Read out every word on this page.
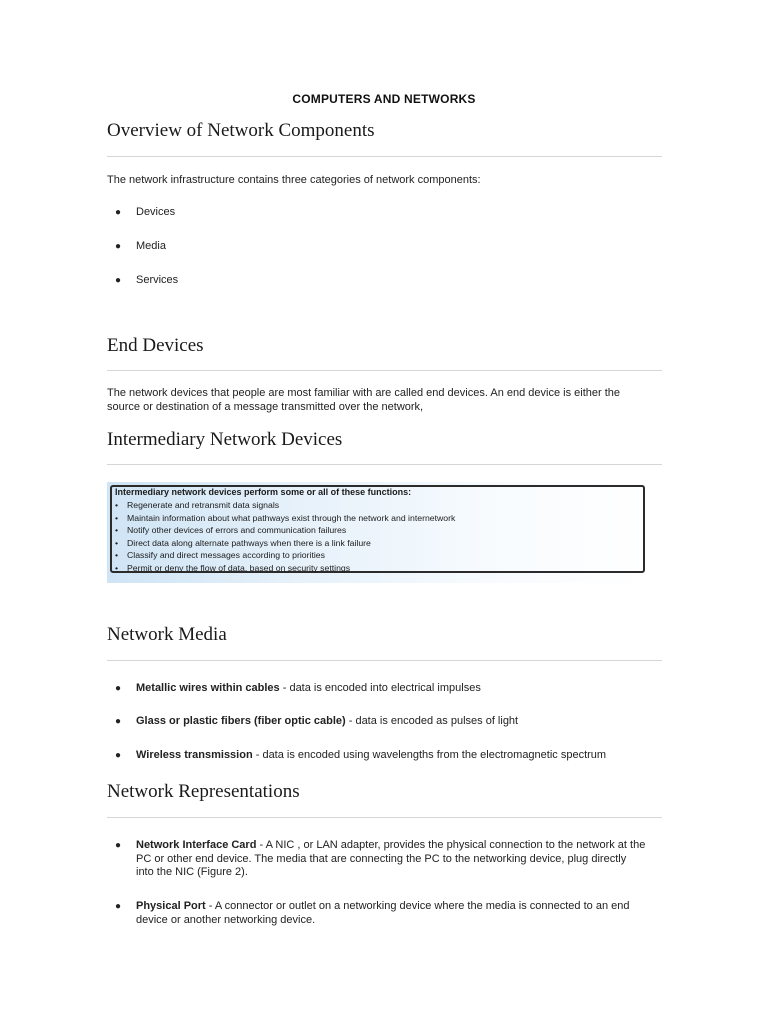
COMPUTERS AND NETWORKS
Overview of Network Components

The network infrastructure contains three categories of network components:

● Devices
● Media
● Services
End Devices

The network devices that people are most familiar with are called end devices. An end device is either the

source or destination of a message transmitted over the network,

Intermediary Network Devices
Intermediary network devices perform some or all of these functions:
• Regenerate and retransmit data signals
• Maintain information about what pathways exist through the network and internetwork
• Notify other devices of errors and communication failures
• Direct data along alternate pathways when there is a link failure
• Classify and direct messages according to priorities
• Permit or deny the flow of data, based on security settings
Network Media
● Metallic wires within cables - data is encoded into electrical impulses
● Glass or plastic fibers (fiber optic cable) - data is encoded as pulses of light
● Wireless transmission - data is encoded using wavelengths from the electromagnetic spectrum
Network Representations
● Network Interface Card - A NIC , or LAN adapter, provides the physical connection to the network at the
PC or other end device. The media that are connecting the PC to the networking device, plug directly
into the NIC (Figure 2).
● Physical Port - A connector or outlet on a networking device where the media is connected to an end
device or another networking device.
